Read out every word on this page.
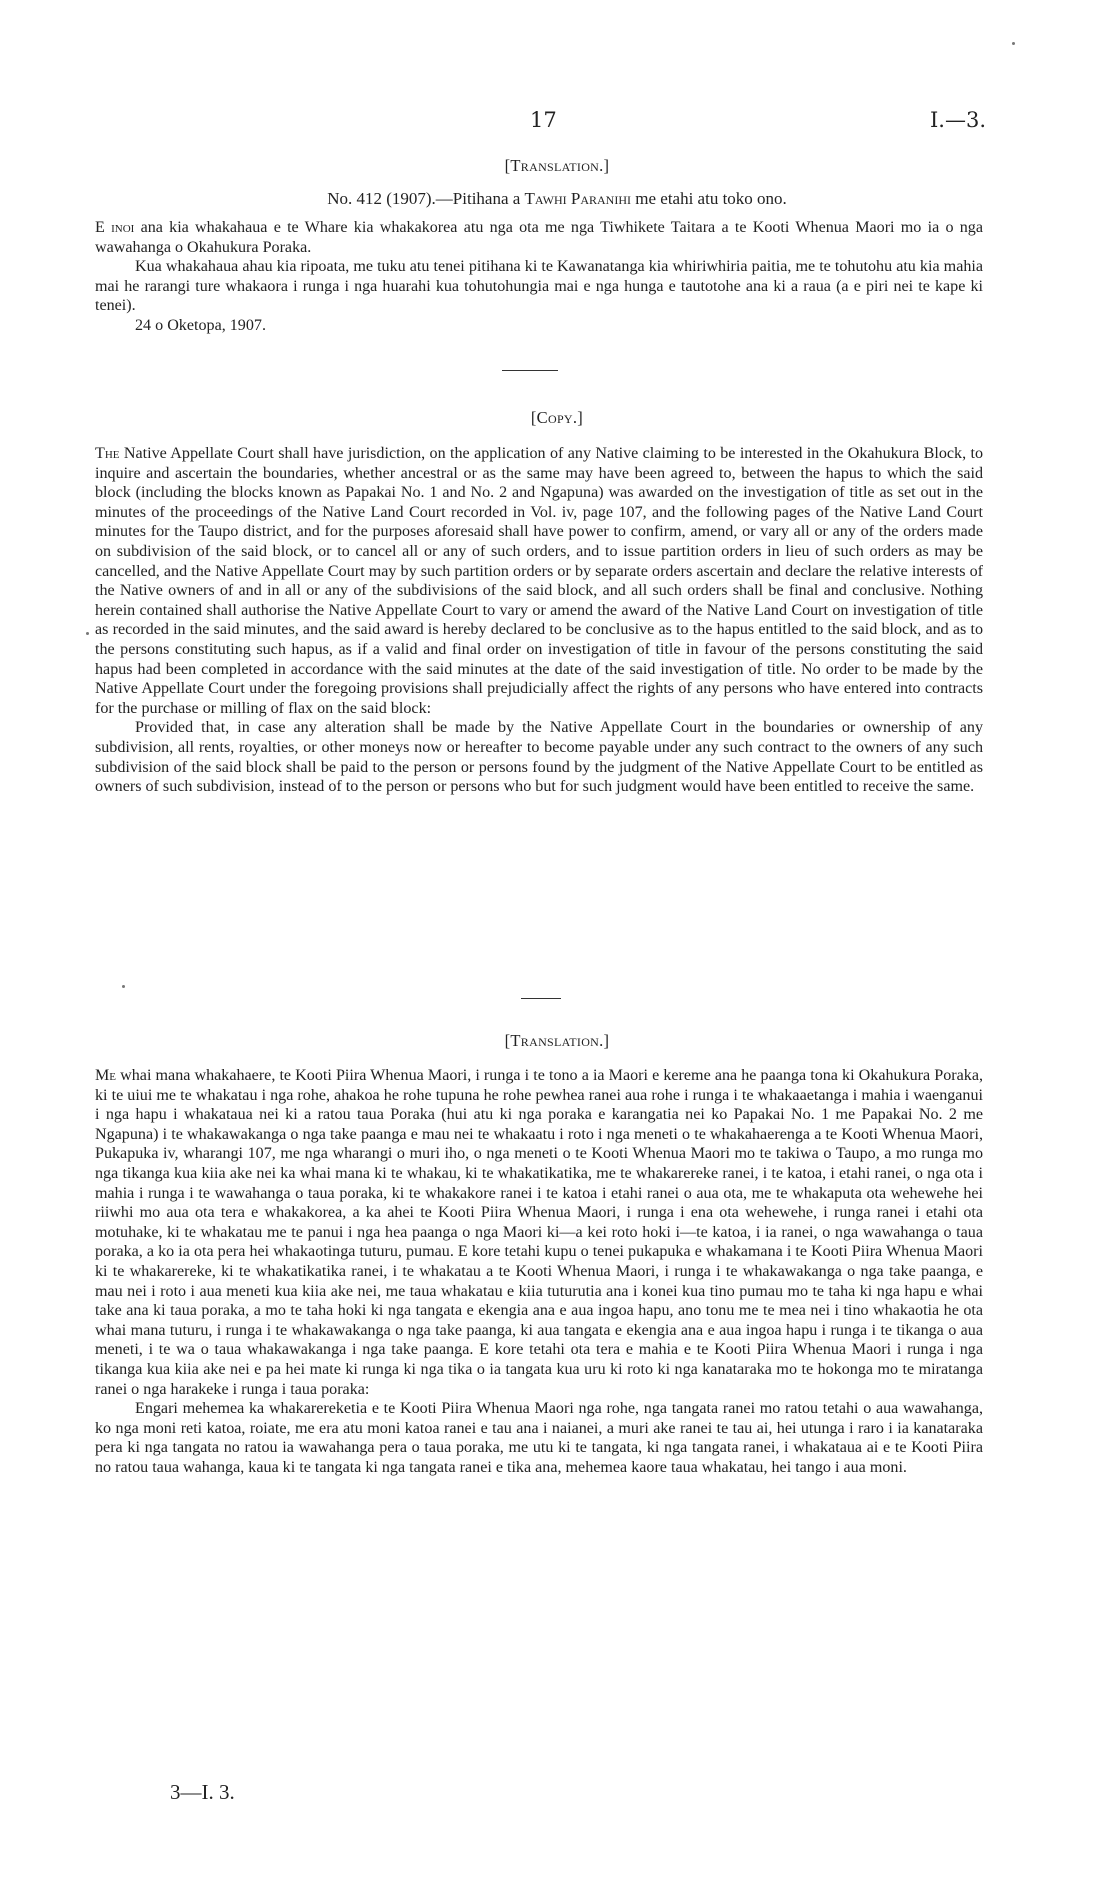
17	I.—3.
[Translation.]
No. 412 (1907).—Pitihana a Tawhi Paranihi me etahi atu toko ono.

E inoi ana kia whakahaua e te Whare kia whakakorea atu nga ota me nga Tiwhikete Taitara a te Kooti Whenua Maori mo ia o nga wawahanga o Okahukura Poraka.

Kua whakahaua ahau kia ripoata, me tuku atu tenei pitihana ki te Kawanatanga kia whiriwhiria paitia, me te tohutohu atu kia mahia mai he rarangi ture whakaora i runga i nga huarahi kua tohutohungia mai e nga hunga e tautotohe ana ki a raua (a e piri nei te kape ki tenei).

24 o Oketopa, 1907.

[Copy.]

The Native Appellate Court shall have jurisdiction, on the application of any Native claiming to be interested in the Okahukura Block, to inquire and ascertain the boundaries, whether ancestral or as the same may have been agreed to, between the hapus to which the said block (including the blocks known as Papakai No. 1 and No. 2 and Ngapuna) was awarded on the investigation of title as set out in the minutes of the proceedings of the Native Land Court recorded in Vol. iv, page 107, and the following pages of the Native Land Court minutes for the Taupo district, and for the purposes aforesaid shall have power to confirm, amend, or vary all or any of the orders made on subdivision of the said block, or to cancel all or any of such orders, and to issue partition orders in lieu of such orders as may be cancelled, and the Native Appellate Court may by such partition orders or by separate orders ascertain and declare the relative interests of the Native owners of and in all or any of the subdivisions of the said block, and all such orders shall be final and conclusive. Nothing herein contained shall authorise the Native Appellate Court to vary or amend the award of the Native Land Court on investigation of title as recorded in the said minutes, and the said award is hereby declared to be conclusive as to the hapus entitled to the said block, and as to the persons constituting such hapus, as if a valid and final order on investigation of title in favour of the persons constituting the said hapus had been completed in accordance with the said minutes at the date of the said investigation of title. No order to be made by the Native Appellate Court under the foregoing provisions shall prejudicially affect the rights of any persons who have entered into contracts for the purchase or milling of flax on the said block:

Provided that, in case any alteration shall be made by the Native Appellate Court in the boundaries or ownership of any subdivision, all rents, royalties, or other moneys now or hereafter to become payable under any such contract to the owners of any such subdivision of the said block shall be paid to the person or persons found by the judgment of the Native Appellate Court to be entitled as owners of such subdivision, instead of to the person or persons who but for such judgment would have been entitled to receive the same.

[Translation.]

Me whai mana whakahaere, te Kooti Piira Whenua Maori, i runga i te tono a ia Maori e kereme ana he paanga tona ki Okahukura Poraka, ki te uiui me te whakatau i nga rohe, ahakoa he rohe tupuna he rohe pewhea ranei aua rohe i runga i te whakaaetanga i mahia i waenganui i nga hapu i whakataua nei ki a ratou taua Poraka (hui atu ki nga poraka e karangatia nei ko Papakai No. 1 me Papakai No. 2 me Ngapuna) i te whakawakanga o nga take paanga e mau nei te whakaatu i roto i nga meneti o te whakahaerenga a te Kooti Whenua Maori, Pukapuka iv, wharangi 107, me nga wharangi o muri iho, o nga meneti o te Kooti Whenua Maori mo te takiwa o Taupo, a mo runga mo nga tikanga kua kiia ake nei ka whai mana ki te whakau, ki te whakatikatika, me te whakarereke ranei, i te katoa, i etahi ranei, o nga ota i mahia i runga i te wawahanga o taua poraka, ki te whakakore ranei i te katoa i etahi ranei o aua ota, me te whakaputa ota wehewehe hei riiwhi mo aua ota tera e whakakorea, a ka ahei te Kooti Piira Whenua Maori, i runga i ena ota wehewehe, i runga ranei i etahi ota motuhake, ki te whakatau me te panui i nga hea paanga o nga Maori ki—a kei roto hoki i—te katoa, i ia ranei, o nga wawahanga o taua poraka, a ko ia ota pera hei whakaotinga tuturu, pumau. E kore tetahi kupu o tenei pukapuka e whakamana i te Kooti Piira Whenua Maori ki te whakarereke, ki te whakatikatika ranei, i te whakatau a te Kooti Whenua Maori, i runga i te whakawakanga o nga take paanga, e mau nei i roto i aua meneti kua kiia ake nei, me taua whakatau e kiia tuturutia ana i konei kua tino pumau mo te taha ki nga hapu e whai take ana ki taua poraka, a mo te taha hoki ki nga tangata e ekengia ana e aua ingoa hapu, ano tonu me te mea nei i tino whakaotia he ota whai mana tuturu, i runga i te whakawakanga o nga take paanga, ki aua tangata e ekengia ana e aua ingoa hapu i runga i te tikanga o aua meneti, i te wa o taua whakawakanga i nga take paanga. E kore tetahi ota tera e mahia e te Kooti Piira Whenua Maori i runga i nga tikanga kua kiia ake nei e pa hei mate ki runga ki nga tika o ia tangata kua uru ki roto ki nga kanataraka mo te hokonga mo te miratanga ranei o nga harakeke i runga i taua poraka:

Engari mehemea ka whakarereketia e te Kooti Piira Whenua Maori nga rohe, nga tangata ranei mo ratou tetahi o aua wawahanga, ko nga moni reti katoa, roiate, me era atu moni katoa ranei e tau ana i naianei, a muri ake ranei te tau ai, hei utunga i raro i ia kanataraka pera ki nga tangata no ratou ia wawahanga pera o taua poraka, me utu ki te tangata, ki nga tangata ranei, i whakataua ai e te Kooti Piira no ratou taua wahanga, kaua ki te tangata ki nga tangata ranei e tika ana, mehemea kaore taua whakatau, hei tango i aua moni.

3—I. 3.
